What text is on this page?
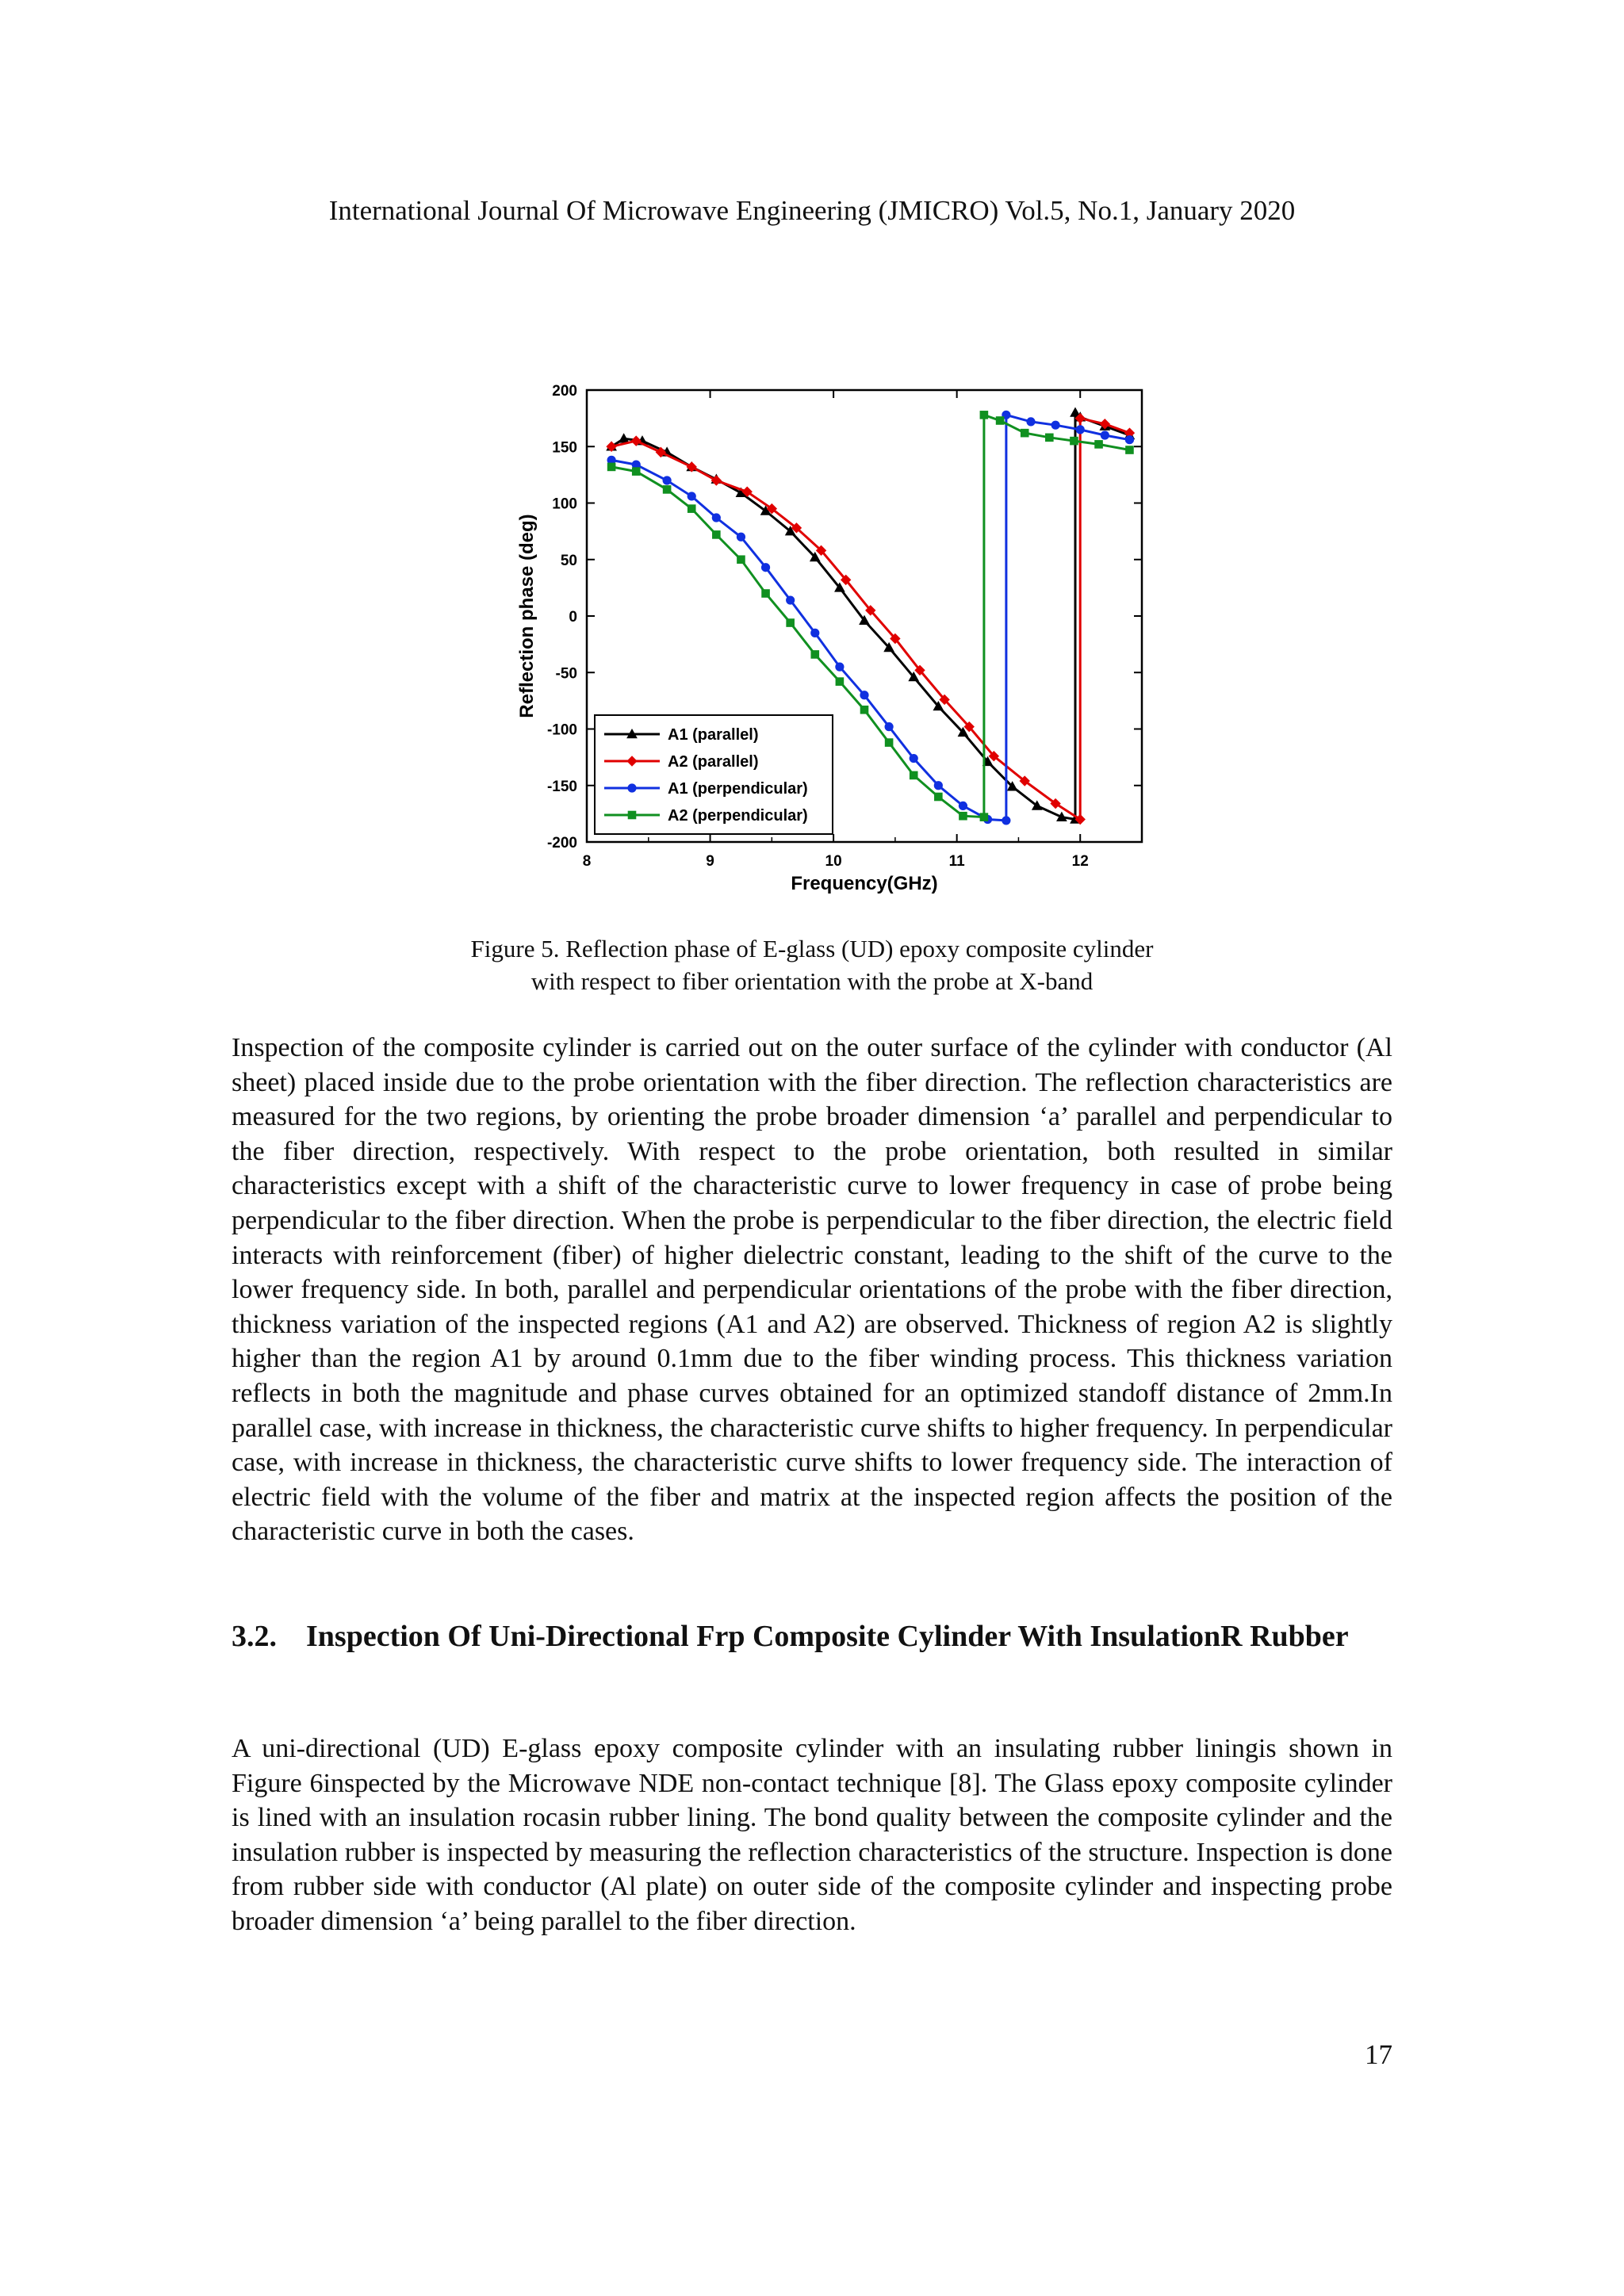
International Journal Of Microwave Engineering (JMICRO) Vol.5, No.1, January 2020
8	9	10	11	12
200
150
100
50
0
-50
-100
-150
-200
A1 (parallel)
A2 (parallel)
A1 (perpendicular)
A2 (perpendicular)
Frequency(GHz)
Reflection phase (deg)
Figure 5. Reflection phase of E-glass (UD) epoxy composite cylinder
with respect to fiber orientation with the probe at X-band
Inspection of the composite cylinder is carried out on the outer surface of the cylinder with conductor (Al sheet) placed inside due to the probe orientation with the fiber direction. The reflection characteristics are measured for the two regions, by orienting the probe broader dimension ‘a’ parallel and perpendicular to the fiber direction, respectively. With respect to the probe orientation, both resulted in similar characteristics except with a shift of the characteristic curve to lower frequency in case of probe being perpendicular to the fiber direction. When the probe is perpendicular to the fiber direction, the electric field interacts with reinforcement (fiber) of higher dielectric constant, leading to the shift of the curve to the lower frequency side. In both, parallel and perpendicular orientations of the probe with the fiber direction, thickness variation of the inspected regions (A1 and A2) are observed. Thickness of region A2 is slightly higher than the region A1 by around 0.1mm due to the fiber winding process. This thickness variation reflects in both the magnitude and phase curves obtained for an optimized standoff distance of 2mm.In parallel case, with increase in thickness, the characteristic curve shifts to higher frequency. In perpendicular case, with increase in thickness, the characteristic curve shifts to lower frequency side. The interaction of electric field with the volume of the fiber and matrix at the inspected region affects the position of the characteristic curve in both the cases.
3.2. Inspection Of Uni-Directional Frp Composite Cylinder With InsulationR Rubber
A uni-directional (UD) E-glass epoxy composite cylinder with an insulating rubber liningis shown in Figure 6inspected by the Microwave NDE non-contact technique [8]. The Glass epoxy composite cylinder is lined with an insulation rocasin rubber lining. The bond quality between the composite cylinder and the insulation rubber is inspected by measuring the reflection characteristics of the structure. Inspection is done from rubber side with conductor (Al plate) on outer side of the composite cylinder and inspecting probe broader dimension ‘a’ being parallel to the fiber direction.
17
